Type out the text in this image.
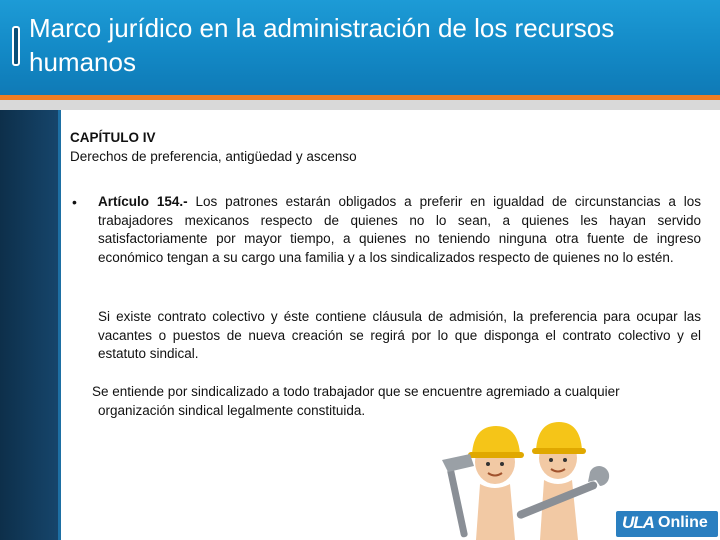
Marco jurídico en la administración de los recursos humanos
CAPÍTULO IV
Derechos de preferencia, antigüedad y ascenso
• Artículo 154.- Los patrones estarán obligados a preferir en igualdad de circunstancias a los trabajadores mexicanos respecto de quienes no lo sean, a quienes les hayan servido satisfactoriamente por mayor tiempo, a quienes no teniendo ninguna otra fuente de ingreso económico tengan a su cargo una familia y a los sindicalizados respecto de quienes no lo estén.
Si existe contrato colectivo y éste contiene cláusula de admisión, la preferencia para ocupar las vacantes o puestos de nueva creación se regirá por lo que disponga el contrato colectivo y el estatuto sindical.
Se entiende por sindicalizado a todo trabajador que se encuentre agremiado a cualquier
organización sindical legalmente constituida.
ULA Online
